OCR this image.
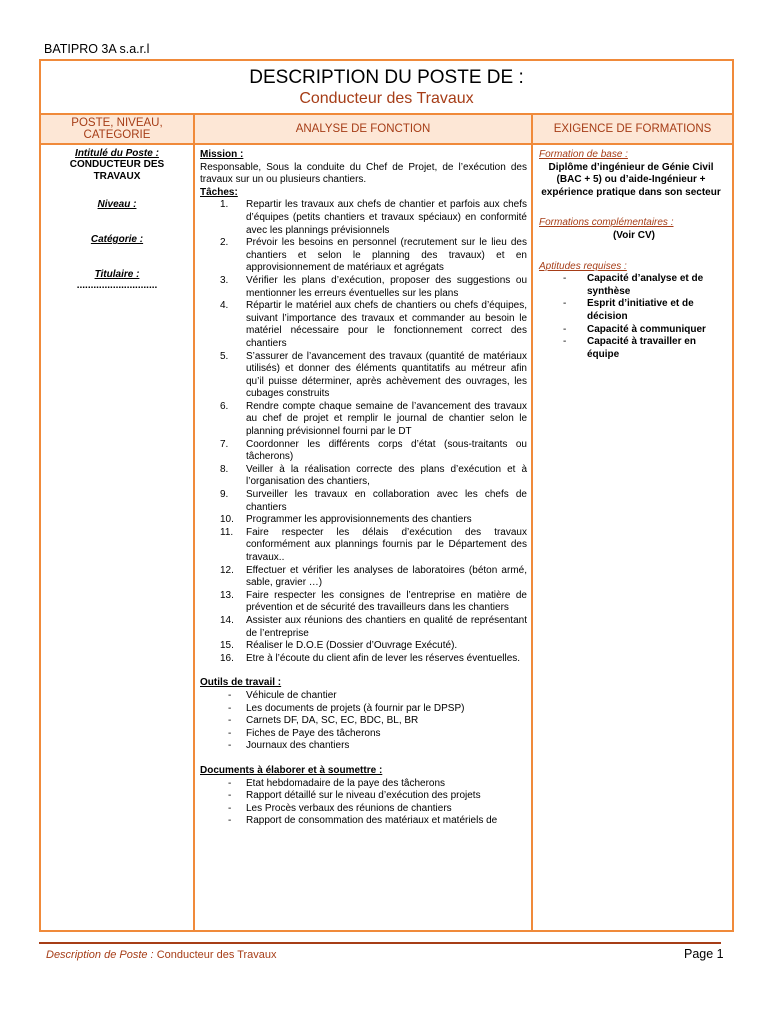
BATIPRO 3A s.a.r.l
DESCRIPTION DU POSTE DE :
Conducteur des Travaux
POSTE, NIVEAU, CATEGORIE	ANALYSE DE FONCTION	EXIGENCE DE FORMATIONS
Intitulé du Poste :
CONDUCTEUR DES TRAVAUX
Niveau :
Catégorie :
Titulaire :
.............................
Mission :
Responsable, Sous la conduite du Chef de Projet, de l’exécution des travaux sur un ou plusieurs chantiers.
Tâches:
1.	Repartir les travaux aux chefs de chantier et parfois aux chefs d’équipes (petits chantiers et travaux spéciaux) en conformité avec les plannings prévisionnels
2.	Prévoir les besoins en personnel (recrutement sur le lieu des chantiers et selon le planning des travaux) et en approvisionnement de matériaux et agrégats
3.	Vérifier les plans d’exécution, proposer des suggestions ou mentionner les erreurs éventuelles sur les plans
4.	Répartir le matériel aux chefs de chantiers ou chefs d’équipes, suivant l’importance des travaux et commander au besoin le matériel nécessaire pour le fonctionnement correct des chantiers
5.	S’assurer de l’avancement des travaux (quantité de matériaux utilisés) et donner des éléments quantitatifs au métreur afin qu’il puisse déterminer, après achèvement des ouvrages, les cubages construits
6.	Rendre compte chaque semaine de l’avancement des travaux au chef de projet et remplir le journal de chantier selon le planning prévisionnel fourni par le DT
7.	Coordonner les différents corps d’état (sous-traitants ou tâcherons)
8.	Veiller à la réalisation correcte des plans d’exécution et à l’organisation des chantiers,
9.	Surveiller les travaux en collaboration avec les chefs de chantiers
10.	Programmer les approvisionnements des chantiers
11.	Faire respecter les délais d’exécution des travaux conformément aux plannings fournis par le Département des travaux..
12.	Effectuer et vérifier les analyses de laboratoires (béton armé, sable, gravier …)
13.	Faire respecter les consignes de l’entreprise en matière de prévention et de sécurité des travailleurs dans les chantiers
14.	Assister aux réunions des chantiers en qualité de représentant de l’entreprise
15.	Réaliser le D.O.E (Dossier d’Ouvrage Exécuté).
16.	Etre à l’écoute du client afin de lever les réserves éventuelles.
Outils de travail :
- Véhicule de chantier
- Les documents de projets (à fournir par le DPSP)
- Carnets DF, DA, SC, EC, BDC, BL, BR
- Fiches de Paye des tâcherons
- Journaux des chantiers
Documents à élaborer et à soumettre :
- Etat hebdomadaire de la paye des tâcherons
- Rapport détaillé sur le niveau d’exécution des projets
- Les Procès verbaux des réunions de chantiers
- Rapport de consommation des matériaux et matériels de
Formation de base :
Diplôme d’ingénieur de Génie Civil (BAC + 5) ou d’aide-Ingénieur + expérience pratique dans son secteur
Formations complémentaires :
(Voir CV)
Aptitudes requises :
- Capacité d’analyse et de synthèse
- Esprit d’initiative et de décision
- Capacité à communiquer
- Capacité à travailler en équipe
Description de Poste : Conducteur des Travaux	Page 1
